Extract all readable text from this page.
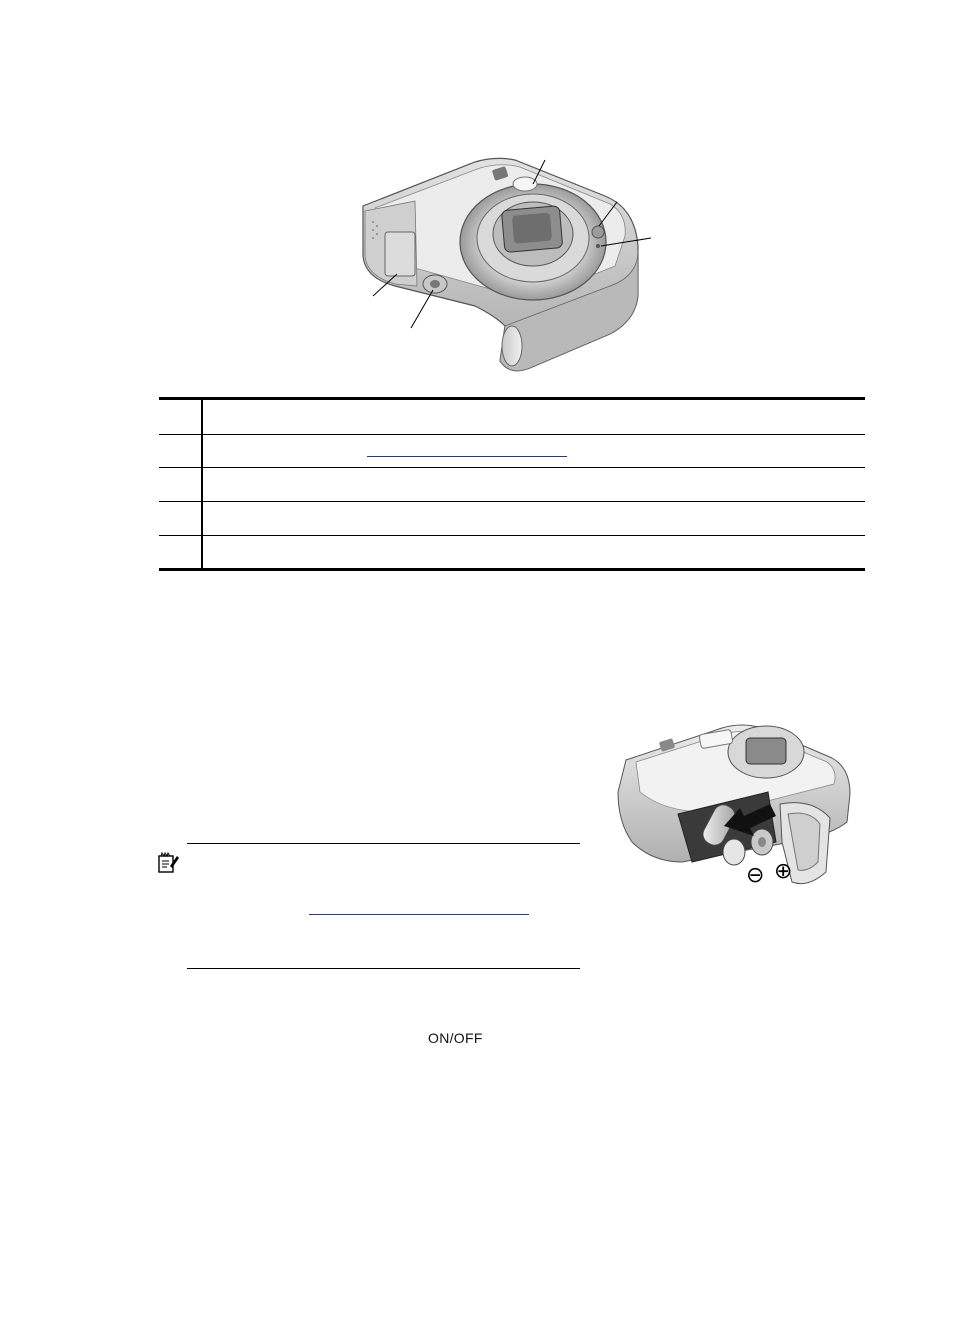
⊖ ⊕
ON/OFF
